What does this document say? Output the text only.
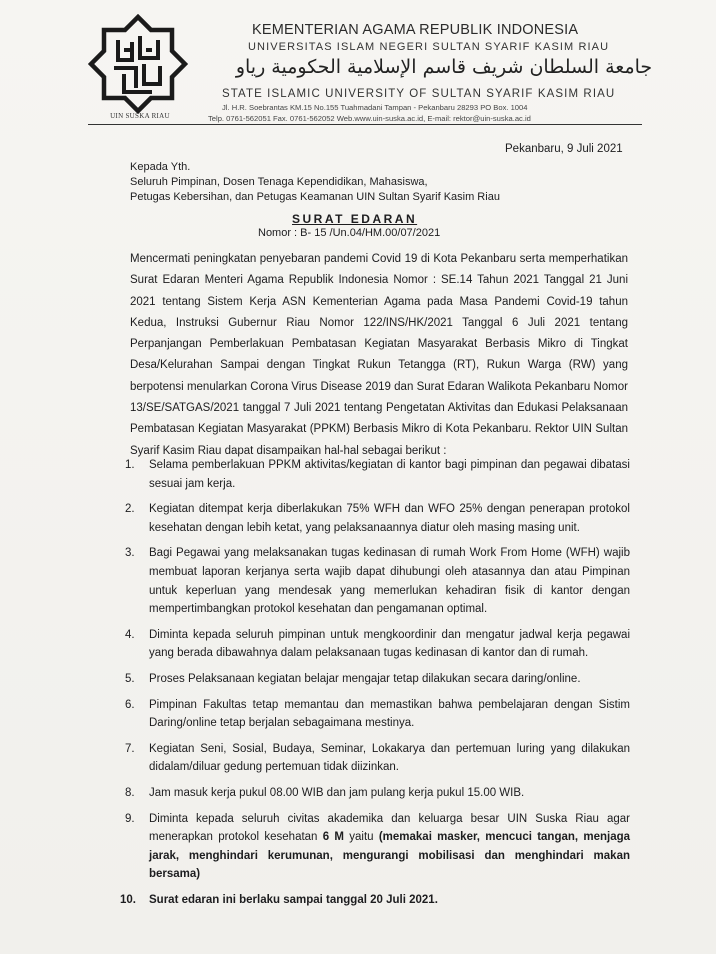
UIN SUSKA RIAU
KEMENTERIAN AGAMA REPUBLIK INDONESIA
UNIVERSITAS ISLAM NEGERI SULTAN SYARIF KASIM RIAU
جامعة السلطان شريف قاسم الإسلامية الحكومية رياو
STATE ISLAMIC UNIVERSITY OF SULTAN SYARIF KASIM RIAU
Jl. H.R. Soebrantas KM.15 No.155 Tuahmadani Tampan - Pekanbaru 28293 PO Box. 1004
Telp. 0761-562051 Fax. 0761-562052 Web.www.uin-suska.ac.id, E-mail: rektor@uin-suska.ac.id
Pekanbaru, 9 Juli 2021
Kepada Yth.
Seluruh Pimpinan, Dosen Tenaga Kependidikan, Mahasiswa,
Petugas Kebersihan, dan Petugas Keamanan UIN Sultan Syarif Kasim Riau
SURAT EDARAN
Nomor : B- 15 /Un.04/HM.00/07/2021
Mencermati peningkatan penyebaran pandemi Covid 19 di Kota Pekanbaru serta memperhatikan Surat Edaran Menteri Agama Republik Indonesia Nomor : SE.14 Tahun 2021 Tanggal 21 Juni 2021 tentang Sistem Kerja ASN Kementerian Agama pada Masa Pandemi Covid-19 tahun Kedua, Instruksi Gubernur Riau Nomor 122/INS/HK/2021 Tanggal 6 Juli 2021 tentang Perpanjangan Pemberlakuan Pembatasan Kegiatan Masyarakat Berbasis Mikro di Tingkat Desa/Kelurahan Sampai dengan Tingkat Rukun Tetangga (RT), Rukun Warga (RW) yang berpotensi menularkan Corona Virus Disease 2019 dan Surat Edaran Walikota Pekanbaru Nomor 13/SE/SATGAS/2021 tanggal 7 Juli 2021 tentang Pengetatan Aktivitas dan Edukasi Pelaksanaan Pembatasan Kegiatan Masyarakat (PPKM) Berbasis Mikro di Kota Pekanbaru. Rektor UIN Sultan Syarif Kasim Riau dapat disampaikan hal-hal sebagai berikut :
1. Selama pemberlakuan PPKM aktivitas/kegiatan di kantor bagi pimpinan dan pegawai dibatasi sesuai jam kerja.
2. Kegiatan ditempat kerja diberlakukan 75% WFH dan WFO 25% dengan penerapan protokol kesehatan dengan lebih ketat, yang pelaksanaannya diatur oleh masing masing unit.
3. Bagi Pegawai yang melaksanakan tugas kedinasan di rumah Work From Home (WFH) wajib membuat laporan kerjanya serta wajib dapat dihubungi oleh atasannya dan atau Pimpinan untuk keperluan yang mendesak yang memerlukan kehadiran fisik di kantor dengan mempertimbangkan protokol kesehatan dan pengamanan optimal.
4. Diminta kepada seluruh pimpinan untuk mengkoordinir dan mengatur jadwal kerja pegawai yang berada dibawahnya dalam pelaksanaan tugas kedinasan di kantor dan di rumah.
5. Proses Pelaksanaan kegiatan belajar mengajar tetap dilakukan secara daring/online.
6. Pimpinan Fakultas tetap memantau dan memastikan bahwa pembelajaran dengan Sistim Daring/online tetap berjalan sebagaimana mestinya.
7. Kegiatan Seni, Sosial, Budaya, Seminar, Lokakarya dan pertemuan luring yang dilakukan didalam/diluar gedung pertemuan tidak diizinkan.
8. Jam masuk kerja pukul 08.00 WIB dan jam pulang kerja pukul 15.00 WIB.
9. Diminta kepada seluruh civitas akademika dan keluarga besar UIN Suska Riau agar menerapkan protokol kesehatan 6 M yaitu (memakai masker, mencuci tangan, menjaga jarak, menghindari kerumunan, mengurangi mobilisasi dan menghindari makan bersama)
10. Surat edaran ini berlaku sampai tanggal 20 Juli 2021.
